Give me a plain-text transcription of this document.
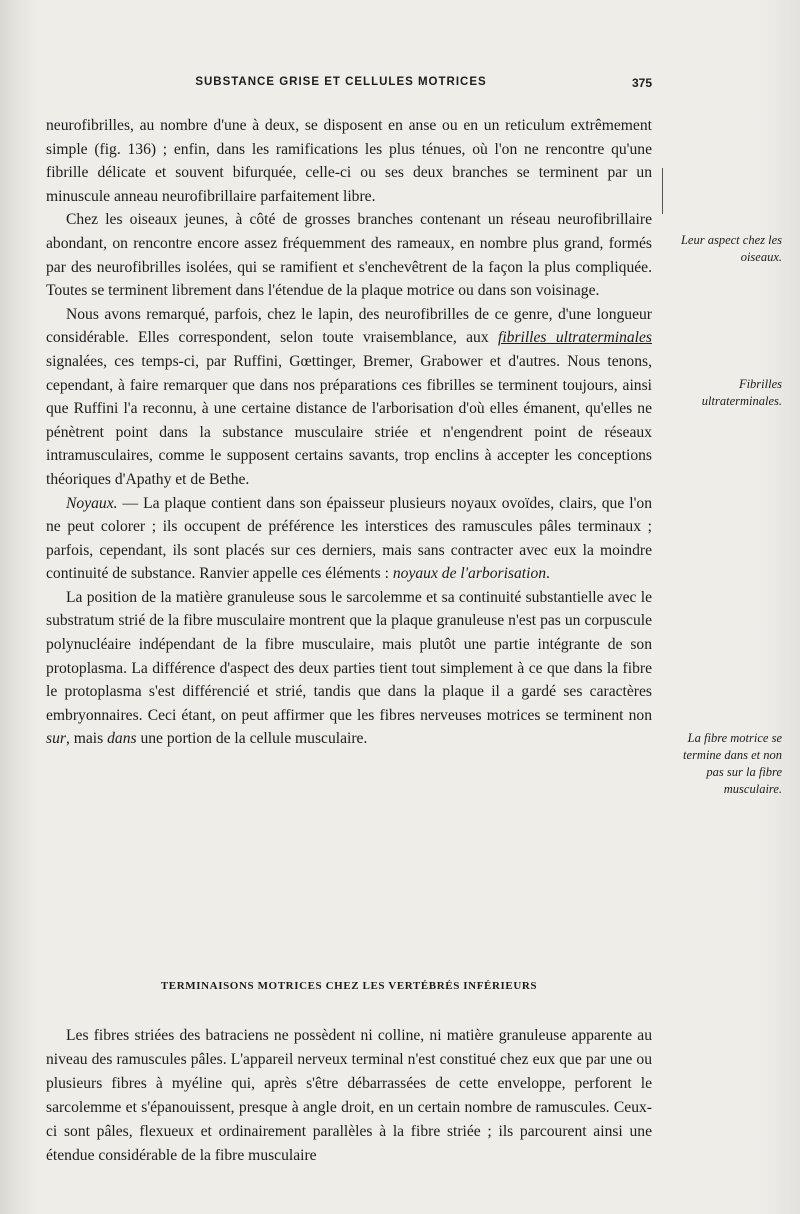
SUBSTANCE GRISE ET CELLULES MOTRICES	375

neurofibrilles, au nombre d'une à deux, se disposent en anse ou en un reticulum extrêmement simple (fig. 136) ; enfin, dans les ramifications les plus ténues, où l'on ne rencontre qu'une fibrille délicate et souvent bifurquée, celle-ci ou ses deux branches se terminent par un minuscule anneau neurofibrillaire parfaitement libre.

Chez les oiseaux jeunes, à côté de grosses branches contenant un réseau neurofibrillaire abondant, on rencontre encore assez fréquemment des rameaux, en nombre plus grand, formés par des neurofibrilles isolées, qui se ramifient et s'enchevêtrent de la façon la plus compliquée. Toutes se terminent librement dans l'étendue de la plaque motrice ou dans son voisinage.

Nous avons remarqué, parfois, chez le lapin, des neurofibrilles de ce genre, d'une longueur considérable. Elles correspondent, selon toute vraisemblance, aux fibrilles ultraterminales signalées, ces temps-ci, par Ruffini, Gœttinger, Bremer, Grabower et d'autres. Nous tenons, cependant, à faire remarquer que dans nos préparations ces fibrilles se terminent toujours, ainsi que Ruffini l'a reconnu, à une certaine distance de l'arborisation d'où elles émanent, qu'elles ne pénètrent point dans la substance musculaire striée et n'engendrent point de réseaux intramusculaires, comme le supposent certains savants, trop enclins à accepter les conceptions théoriques d'Apathy et de Bethe.

Noyaux. — La plaque contient dans son épaisseur plusieurs noyaux ovoïdes, clairs, que l'on ne peut colorer ; ils occupent de préférence les interstices des ramuscules pâles terminaux ; parfois, cependant, ils sont placés sur ces derniers, mais sans contracter avec eux la moindre continuité de substance. Ranvier appelle ces éléments : noyaux de l'arborisation.

La position de la matière granuleuse sous le sarcolemme et sa continuité substantielle avec le substratum strié de la fibre musculaire montrent que la plaque granuleuse n'est pas un corpuscule polynucléaire indépendant de la fibre musculaire, mais plutôt une partie intégrante de son protoplasma. La différence d'aspect des deux parties tient tout simplement à ce que dans la fibre le protoplasma s'est différencié et strié, tandis que dans la plaque il a gardé ses caractères embryonnaires. Ceci étant, on peut affirmer que les fibres nerveuses motrices se terminent non sur, mais dans une portion de la cellule musculaire.

TERMINAISONS MOTRICES CHEZ LES VERTÉBRÉS INFÉRIEURS

Les fibres striées des batraciens ne possèdent ni colline, ni matière granuleuse apparente au niveau des ramuscules pâles. L'appareil nerveux terminal n'est constitué chez eux que par une ou plusieurs fibres à myéline qui, après s'être débarrassées de cette enveloppe, perforent le sarcolemme et s'épanouissent, presque à angle droit, en un certain nombre de ramuscules. Ceux-ci sont pâles, flexueux et ordinairement parallèles à la fibre striée ; ils parcourent ainsi une étendue considérable de la fibre musculaire

Leur aspect chez les oiseaux.
Fibrilles ultraterminales.
La fibre motrice se termine dans et non pas sur la fibre musculaire.
